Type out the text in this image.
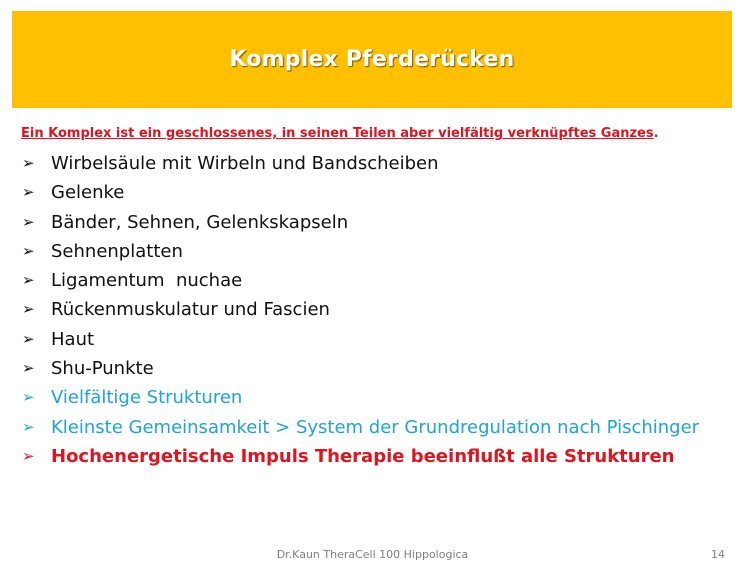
Komplex Pferderücken
Ein Komplex ist ein geschlossenes, in seinen Teilen aber vielfältig verknüpftes Ganzes.
➢ Wirbelsäule mit Wirbeln und Bandscheiben
➢ Gelenke
➢ Bänder, Sehnen, Gelenkskapseln
➢ Sehnenplatten
➢ Ligamentum  nuchae
➢ Rückenmuskulatur und Fascien
➢ Haut
➢ Shu-Punkte
➢ Vielfältige Strukturen
➢ Kleinste Gemeinsamkeit > System der Grundregulation nach Pischinger
➢ Hochenergetische Impuls Therapie beeinflußt alle Strukturen
Dr.Kaun TheraCell 100 Hippologica	14
